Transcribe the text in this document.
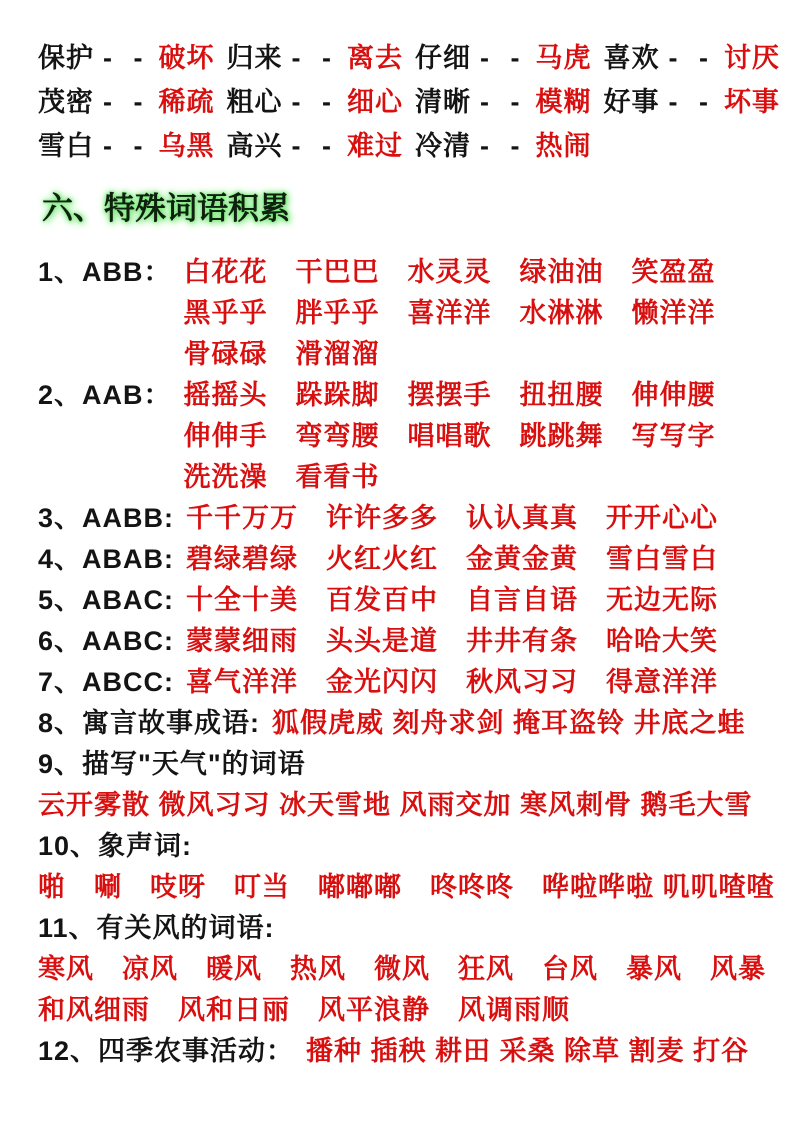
保护 - - 破坏 归来 - - 离去 仔细 - - 马虎 喜欢 - - 讨厌
茂密 - - 稀疏 粗心 - - 细心 清晰 - - 模糊 好事 - - 坏事
雪白 - - 乌黑 高兴 - - 难过 冷清 - - 热闹
六、特殊词语积累
1、ABB： 白花花　干巴巴　水灵灵　绿油油　笑盈盈
黑乎乎　胖乎乎　喜洋洋　水淋淋　懒洋洋
骨碌碌　滑溜溜
2、AAB： 摇摇头　跺跺脚　摆摆手　扭扭腰　伸伸腰
伸伸手　弯弯腰　唱唱歌　跳跳舞　写写字
洗洗澡　看看书
3、AABB: 千千万万　许许多多　认认真真　开开心心
4、ABAB: 碧绿碧绿　火红火红　金黄金黄　雪白雪白
5、ABAC: 十全十美　百发百中　自言自语　无边无际
6、AABC: 蒙蒙细雨　头头是道　井井有条　哈哈大笑
7、ABCC: 喜气洋洋　金光闪闪　秋风习习　得意洋洋
8、寓言故事成语: 狐假虎威 刻舟求剑 掩耳盗铃 井底之蛙
9、描写"天气"的词语
云开雾散 微风习习 冰天雪地 风雨交加 寒风刺骨 鹅毛大雪
10、象声词:
啪　唰　吱呀　叮当　嘟嘟嘟　咚咚咚　哗啦哗啦 叽叽喳喳
11、有关风的词语:
寒风　凉风　暖风　热风　微风　狂风　台风　暴风　风暴
和风细雨　风和日丽　风平浪静　风调雨顺
12、四季农事活动： 播种 插秧 耕田 采桑 除草 割麦 打谷
